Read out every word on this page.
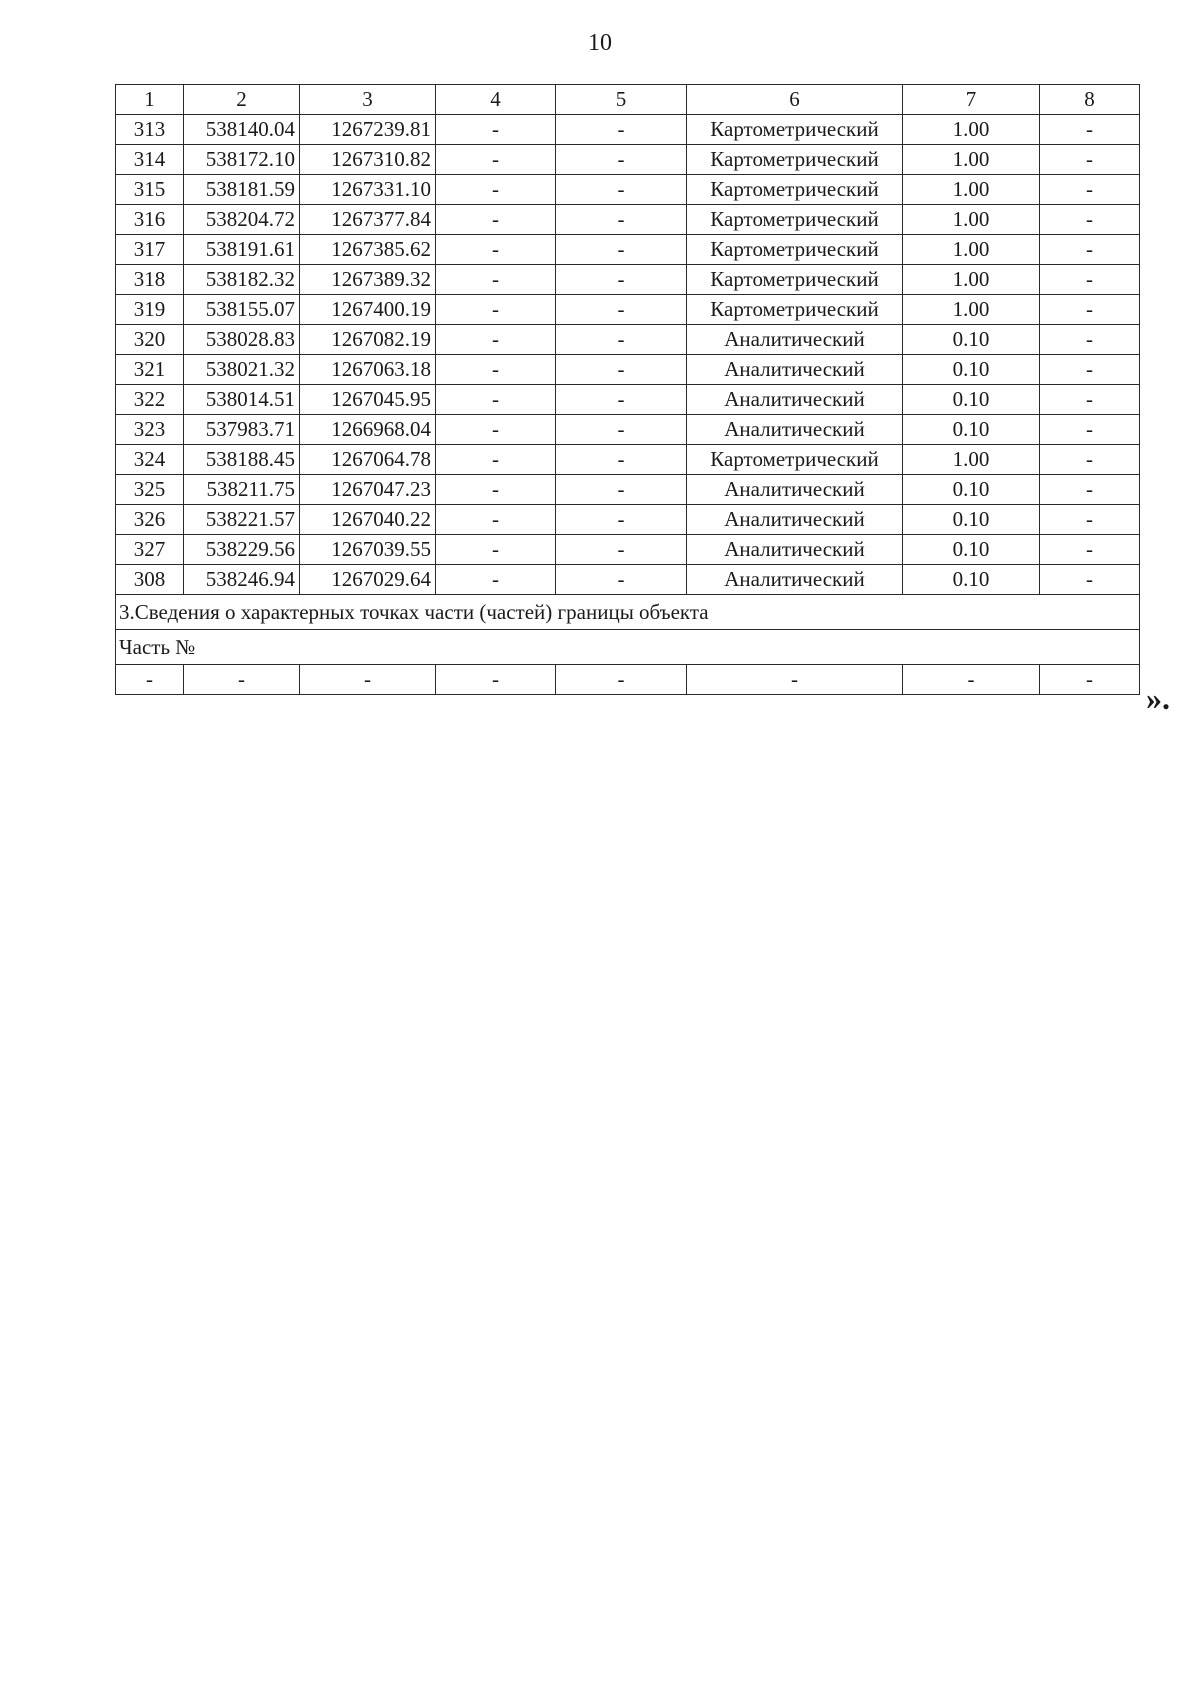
10
1	2	3	4	5	6	7	8
313	538140.04	1267239.81	-	-	Картометрический	1.00	-
314	538172.10	1267310.82	-	-	Картометрический	1.00	-
315	538181.59	1267331.10	-	-	Картометрический	1.00	-
316	538204.72	1267377.84	-	-	Картометрический	1.00	-
317	538191.61	1267385.62	-	-	Картометрический	1.00	-
318	538182.32	1267389.32	-	-	Картометрический	1.00	-
319	538155.07	1267400.19	-	-	Картометрический	1.00	-
320	538028.83	1267082.19	-	-	Аналитический	0.10	-
321	538021.32	1267063.18	-	-	Аналитический	0.10	-
322	538014.51	1267045.95	-	-	Аналитический	0.10	-
323	537983.71	1266968.04	-	-	Аналитический	0.10	-
324	538188.45	1267064.78	-	-	Картометрический	1.00	-
325	538211.75	1267047.23	-	-	Аналитический	0.10	-
326	538221.57	1267040.22	-	-	Аналитический	0.10	-
327	538229.56	1267039.55	-	-	Аналитический	0.10	-
308	538246.94	1267029.64	-	-	Аналитический	0.10	-
3.Сведения о характерных точках части (частей) границы объекта							
Часть №							
-	-	-	-	-	-	-	-
».
